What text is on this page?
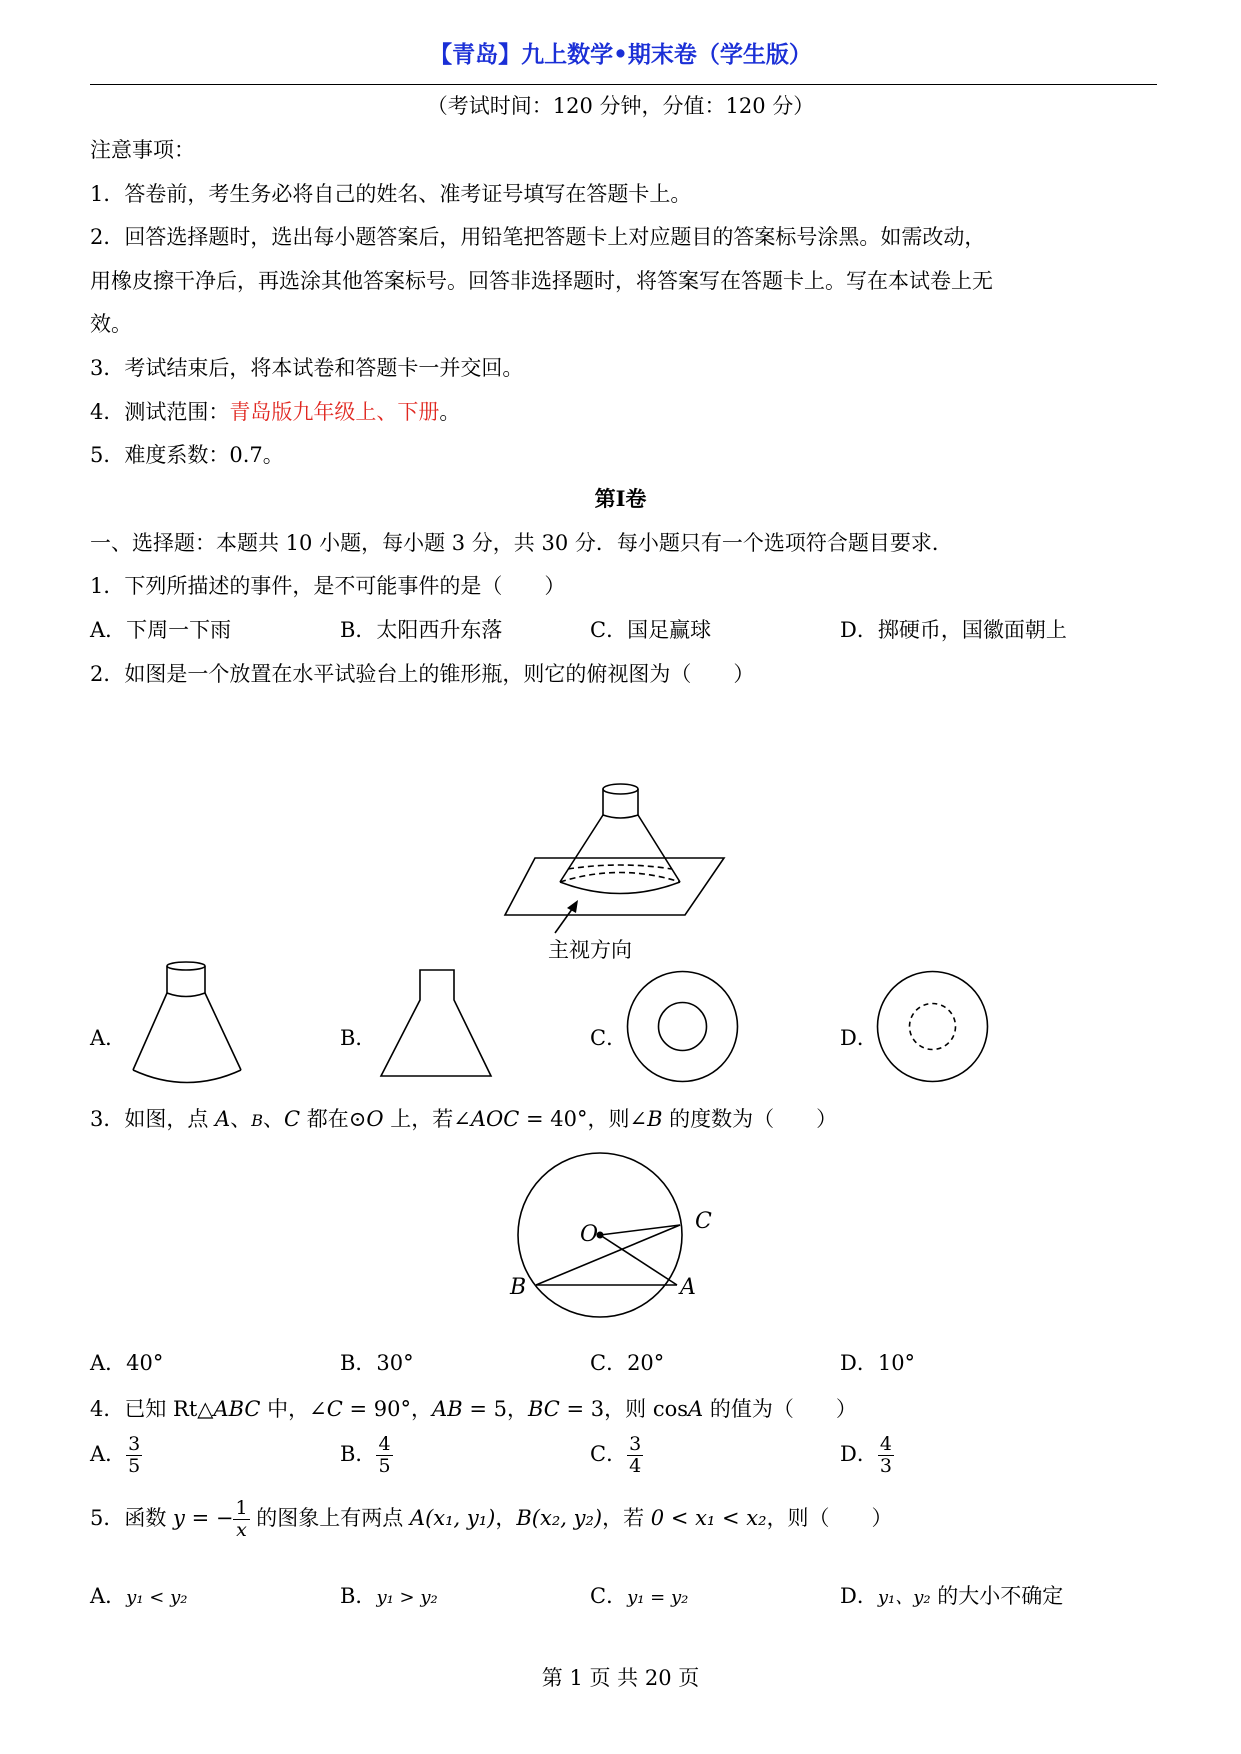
【青岛】九上数学•期末卷（学生版）
（考试时间：120 分钟，分值：120 分）
注意事项：
1．答卷前，考生务必将自己的姓名、准考证号填写在答题卡上。
2．回答选择题时，选出每小题答案后，用铅笔把答题卡上对应题目的答案标号涂黑。如需改动，
用橡皮擦干净后，再选涂其他答案标号。回答非选择题时，将答案写在答题卡上。写在本试卷上无
效。
3．考试结束后，将本试卷和答题卡一并交回。
4．测试范围：青岛版九年级上、下册。
5．难度系数：0.7。
第Ⅰ卷
一、选择题：本题共 10 小题，每小题 3 分，共 30 分．每小题只有一个选项符合题目要求．
1．下列所描述的事件，是不可能事件的是（　　）
A．下周一下雨	B．太阳西升东落	C．国足赢球	D．掷硬币，国徽面朝上
2．如图是一个放置在水平试验台上的锥形瓶，则它的俯视图为（　　）
主视方向
A．	B．	C．	D．
3．如图，点 A、B、C 都在⊙O 上，若∠AOC = 40°，则∠B 的度数为（　　）
O
C
B	A
A．40°	B．30°	C．20°	D．10°
4．已知 Rt△ABC 中，∠C = 90°，AB = 5，BC = 3，则 cosA 的值为（　　）
A． $\frac{3}{5}$	B． $\frac{4}{5}$	C． $\frac{3}{4}$	D． $\frac{4}{3}$
5．函数 y = − $\frac{1}{x}$ 的图象上有两点 A(x₁, y₁)，B(x₂, y₂)，若 0 < x₁ < x₂，则（　　）
A．y₁ < y₂	B．y₁ > y₂	C．y₁ = y₂	D．y₁、y₂ 的大小不确定
第 1 页 共 20 页
